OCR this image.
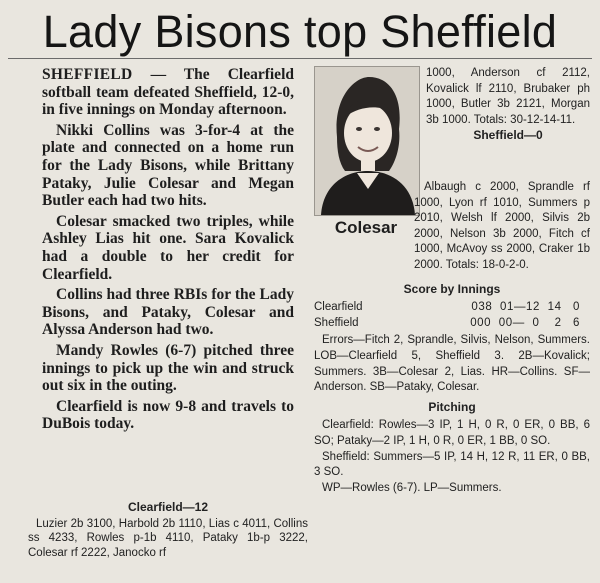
Lady Bisons top Sheffield

SHEFFIELD — The Clearfield softball team defeated Sheffield, 12-0, in five innings on Monday afternoon.

Nikki Collins was 3-for-4 at the plate and connected on a home run for the Lady Bisons, while Brittany Pataky, Julie Colesar and Megan Butler each had two hits.

Colesar smacked two triples, while Ashley Lias hit one. Sara Kovalick had a double to her credit for Clearfield.

Collins had three RBIs for the Lady Bisons, and Pataky, Colesar and Alyssa Anderson had two.

Mandy Rowles (6-7) pitched three innings to pick up the win and struck out six in the outing.

Clearfield is now 9-8 and travels to DuBois today.

Clearfield—12

Luzier 2b 3100, Harbold 2b 1110, Lias c 4011, Collins ss 4233, Rowles p-1b 4110, Pataky 1b-p 3222, Colesar rf 2222, Janocko rf

Colesar

1000, Anderson cf 2112, Kovalick lf 2110, Brubaker ph 1000, Butler 3b 2121, Morgan 3b 1000. Totals: 30-12-14-11.

Sheffield—0

Albaugh c 2000, Sprandle rf 1000, Lyon rf 1010, Summers p 2010, Welsh lf 2000, Silvis 2b 2000, Nelson 3b 2000, Fitch cf 1000, McAvoy ss 2000, Craker 1b 2000. Totals: 18-0-2-0.

Score by Innings
Clearfield	038  01—12  14   0
Sheffield	000  00—  0    2   6

Errors—Fitch 2, Sprandle, Silvis, Nelson, Summers. LOB—Clearfield 5, Sheffield 3. 2B—Kovalick; Summers. 3B—Colesar 2, Lias. HR—Collins. SF—Anderson. SB—Pataky, Colesar.

Pitching

Clearfield: Rowles—3 IP, 1 H, 0 R, 0 ER, 0 BB, 6 SO; Pataky—2 IP, 1 H, 0 R, 0 ER, 1 BB, 0 SO.

Sheffield: Summers—5 IP, 14 H, 12 R, 11 ER, 0 BB, 3 SO.

WP—Rowles (6-7). LP—Summers.
